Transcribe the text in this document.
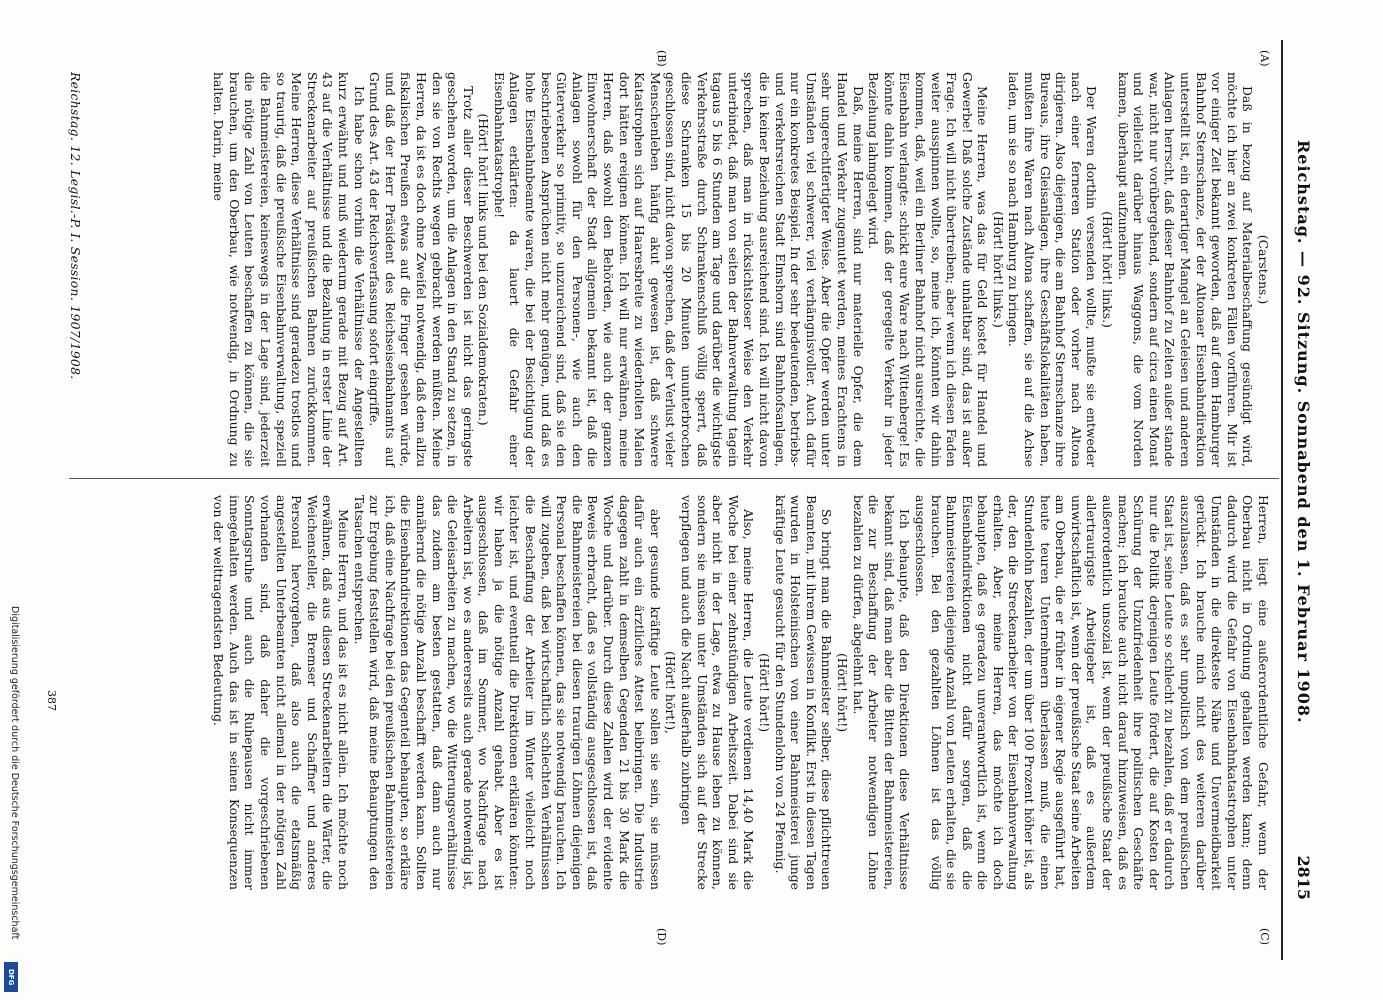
Reichstag. — 92. Sitzung. Sonnabend den 1. Februar 1908.
2815
(A)
(B)
(C)
(D)

(Carstens.)

Daß in bezug auf Materialbeschaffung gesündigt wird, möchte ich hier an zwei konkreten Fällen vorführen. Mir ist vor einiger Zeit bekannt geworden, daß auf dem Hamburger Bahnhof Sternschanze, der der Altonaer Eisenbahndirektion unterstellt ist, ein derartiger Mangel an Geleisen und anderen Anlagen herrscht, daß dieser Bahnhof zu Zeiten außer stande war, nicht nur vorübergehend, sondern auf circa einen Monat und vielleicht darüber hinaus Waggons, die vom Norden kamen, überhaupt aufzunehmen.

(Hört! hört! links.)

Der Waren dorthin versenden wollte, mußte sie entweder nach einer ferneren Station oder vorher nach Altona dirigieren. Also diejenigen, die am Bahnhof Sternschanze ihre Bureaus, ihre Gleisanlagen, ihre Geschäftslokalitäten haben, mußten ihre Waren nach Altona schaffen, sie auf die Achse laden, um sie so nach Hamburg zu bringen.

(Hört! hört! links.)

Meine Herren, was das für Geld kostet für Handel und Gewerbe! Daß solche Zustände unhaltbar sind, das ist außer Frage. Ich will nicht übertreiben; aber wenn ich diesen Faden weiter ausspinnen wollte, so, meine ich, könnten wir dahin kommen, daß, weil ein Berliner Bahnhof nicht ausreichte, die Eisenbahn verlangte: schickt eure Ware nach Wittenberge! Es könnte dahin kommen, daß der geregelte Verkehr in jeder Beziehung lahmgelegt wird.

Daß, meine Herren, sind nur materielle Opfer, die dem Handel und Verkehr zugemutet werden, meines Erachtens in sehr ungerechtfertigter Weise. Aber die Opfer werden unter Umständen viel schwerer, viel verhängnisvoller. Auch dafür nur ein konkretes Beispiel. In der sehr bedeutenden, betriebs- und verkehrsreichen Stadt Elmshorn sind Bahnhofsanlagen, die in keiner Beziehung ausreichend sind. Ich will nicht davon sprechen, daß man in rücksichtsloser Weise den Verkehr unterbindet, daß man von seiten der Bahnverwaltung tagein tagaus 5 bis 6 Stunden am Tage und darüber die wichtigste Verkehrsstraße durch Schrankenschluß völlig sperrt, daß diese Schranken 15 bis 20 Minuten ununterbrochen geschlossen sind, nicht davon sprechen, daß der Verlust vieler Menschenleben häufig akut gewesen ist, daß schwere Katastrophen sich auf Haaresbreite zu wiederholten Malen dort hätten ereignen können. Ich will nur erwähnen, meine Herren, daß sowohl den Behörden, wie auch der ganzen Einwohnerschaft der Stadt allgemein bekannt ist, daß die Anlagen sowohl für den Personen-, wie auch den Güterverkehr so primitiv, so unzureichend sind, daß sie den beschriebenen Ansprüchen nicht mehr genügen, und daß es hohe Eisenbahnbeamte waren, die bei der Besichtigung der Anlagen erklärten: da lauert die Gefahr einer Eisenbahnkatastrophe!

(Hört! hört! links und bei den Sozialdemokraten.)

Trotz aller dieser Beschwerden ist nicht das geringste geschehen worden, um die Anlagen in den Stand zu setzen, in den sie von Rechts wegen gebracht werden müßten. Meine Herren, da ist es doch ohne Zweifel notwendig, daß dem allzu fiskalischen Preußen etwas auf die Finger gesehen würde, und daß der Herr Präsident des Reichseisenbahnamts auf Grund des Art. 43 der Reichsverfassung sofort eingriffe.

Ich habe schon vorhin die Verhältnisse der Angestellten kurz erwähnt und muß wiederum gerade mit Bezug auf Art. 43 auf die Verhältnisse und die Bezahlung in erster Linie der Streckenarbeiter auf preußischen Bahnen zurückkommen. Meine Herren, diese Verhältnisse sind geradezu trostlos und so traurig, daß die preußische Eisenbahnverwaltung, speziell die Bahnmeistereien, keineswegs in der Lage sind, jederzeit die nötige Zahl von Leuten beschaffen zu können, die sie brauchen, um den Oberbau, wie notwendig, in Ordnung zu halten. Darin, meine

Herren, liegt eine außerordentliche Gefahr, wenn der Oberbau nicht in Ordnung gehalten werden kann; denn dadurch wird die Gefahr von Eisenbahnkatastrophen unter Umständen in die direkteste Nähe und Unvermeidbarkeit gerückt. Ich brauche mich nicht des weiteren darüber auszulassen, daß es sehr unpolitisch von dem preußischen Staat ist, seine Leute so schlecht zu bezahlen, daß er dadurch nur die Politik derjenigen Leute fördert, die auf Kosten der Schürung der Unzufriedenheit ihre politischen Geschäfte machen; ich brauche auch nicht darauf hinzuweisen, daß es außerordentlich unsozial ist, wenn der preußische Staat der allertraurigste Arbeitgeber ist, daß es außerdem unwirtschaftlich ist, wenn der preußische Staat seine Arbeiten am Oberbau, die er früher in eigener Regie ausgeführt hat, heute teuren Unternehmern überlassen muß, die einen Stundenlohn bezahlen, der um über 100 Prozent höher ist, als der, den die Streckenarbeiter von der Eisenbahnverwaltung erhalten. Aber, meine Herren, das möchte ich doch behaupten, daß es geradezu unverantwortlich ist, wenn die Eisenbahndirektionen nicht dafür sorgen, daß die Bahnmeistereien diejenige Anzahl von Leuten erhalten, die sie brauchen. Bei den gezahlten Löhnen ist das völlig ausgeschlossen.

Ich behaupte, daß den Direktionen diese Verhältnisse bekannt sind, daß man aber die Bitten der Bahnmeistereien, die zur Beschaffung der Arbeiter notwendigen Löhne bezahlen zu dürfen, abgelehnt hat.

(Hört! hört!)

So bringt man die Bahnmeister selber, diese pflichttreuen Beamten, mit ihrem Gewissen in Konflikt. Erst in diesen Tagen wurden in Holsteinischen von einer Bahnmeisterei junge kräftige Leute gesucht für den Stundenlohn von 24 Pfennig.

(Hört! hört!)

Also, meine Herren, die Leute verdienen 14,40 Mark die Woche bei einer zehnstündigen Arbeitszeit. Dabei sind sie aber nicht in der Lage, etwa zu Hause leben zu können, sondern sie müssen unter Umständen sich auf der Strecke verpflegen und auch die Nacht außerhalb zubringen

(Hört! hört!),

aber gesunde kräftige Leute sollen sie sein, sie müssen dafür auch ein ärztliches Attest beibringen. Die Industrie dagegen zahlt in demselben Gegenden 21 bis 30 Mark die Woche und darüber. Durch diese Zahlen wird der evidente Beweis erbracht, daß es vollständig ausgeschlossen ist, daß die Bahnmeistereien bei diesen traurigen Löhnen diejenigen Personal beschaffen können, das sie notwendig brauchen. Ich will zugeben, daß bei wirtschaftlich schlechten Verhältnissen die Beschaffung der Arbeiter im Winter vielleicht noch leichter ist, und eventuell die Direktionen erklären könnten: wir haben ja die nötige Anzahl gehabt. Aber es ist ausgeschlossen, daß im Sommer, wo Nachfrage nach Arbeitern ist, wo es andererseits auch gerade notwendig ist, die Geleisarbeiten zu machen, wo die Witterungsverhältnisse das zudem am besten gestatten, daß dann auch nur annähernd die nötige Anzahl beschafft werden kann. Sollten die Eisenbahndirektionen das Gegenteil behaupten, so erkläre ich, daß eine Nachfrage bei den preußischen Bahnmeistereien zur Ergebung feststellen wird, daß meine Behauptungen den Tatsachen entsprechen.

Meine Herren, und das ist es nicht allein. Ich möchte noch erwähnen, daß aus diesen Streckenarbeitern die Wärter, die Weichensteller, die Bremser und Schaffner und anderes Personal hervorgehen, daß also auch die etatsmäßig angestellten Unterbeamten nicht allemal in der nötigen Zahl vorhanden sind, daß daher die vorgeschriebenen Sonntagsruhe und auch die Ruhepausen nicht immer innegehalten werden. Auch das ist in seinen Konsequenzen von der weittragendsten Bedeutung.

Reichstag. 12. Legisl.-P. I. Session. 1907/1908.
387
Digitalisierung gefördert durch die Deutsche Forschungsgemeinschaft
DFG
